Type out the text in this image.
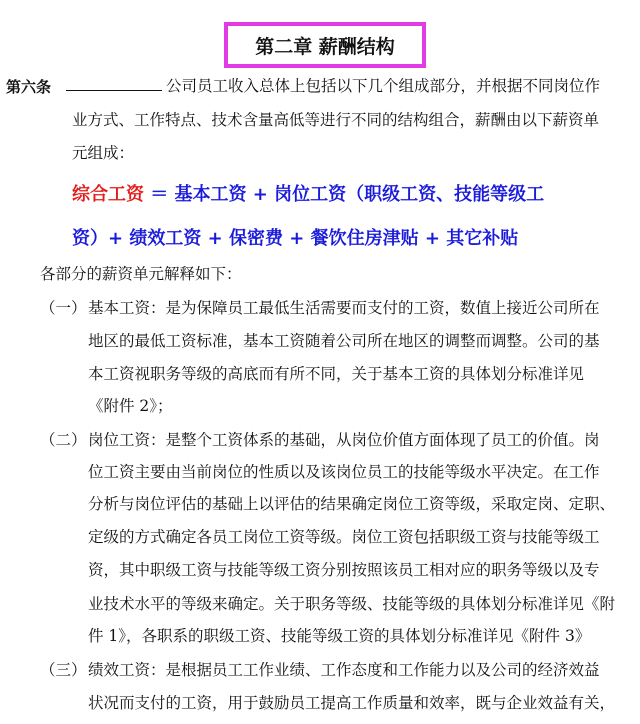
第二章 薪酬结构
第六条	公司员工收入总体上包括以下几个组成部分，并根据不同岗位作
业方式、工作特点、技术含量高低等进行不同的结构组合，薪酬由以下薪资单
元组成：
综合工资 ＝ 基本工资 + 岗位工资（职级工资、技能等级工
资）+ 绩效工资 + 保密费 + 餐饮住房津贴 + 其它补贴
各部分的薪资单元解释如下：
（一） 基本工资：是为保障员工最低生活需要而支付的工资，数值上接近公司所在
地区的最低工资标准，基本工资随着公司所在地区的调整而调整。公司的基
本工资视职务等级的高底而有所不同，关于基本工资的具体划分标准详见
《附件 2》；
（二） 岗位工资：是整个工资体系的基础，从岗位价值方面体现了员工的价值。岗
位工资主要由当前岗位的性质以及该岗位员工的技能等级水平决定。在工作
分析与岗位评估的基础上以评估的结果确定岗位工资等级，采取定岗、定职、
定级的方式确定各员工岗位工资等级。岗位工资包括职级工资与技能等级工
资，其中职级工资与技能等级工资分别按照该员工相对应的职务等级以及专
业技术水平的等级来确定。关于职务等级、技能等级的具体划分标准详见《附
件 1》，各职系的职级工资、技能等级工资的具体划分标准详见《附件 3》
（三） 绩效工资：是根据员工工作业绩、工作态度和工作能力以及公司的经济效益
状况而支付的工资，用于鼓励员工提高工作质量和效率，既与企业效益有关，
